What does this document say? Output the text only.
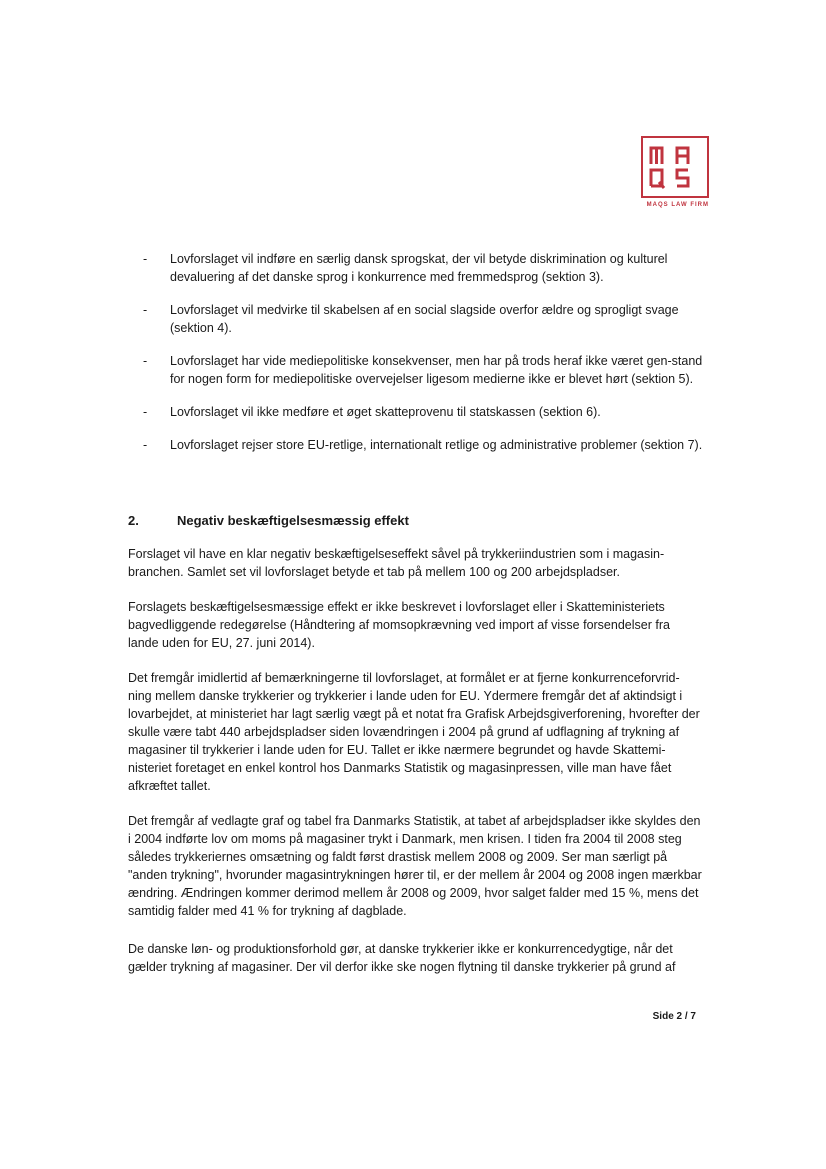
MAQS LAW FIRM
- Lovforslaget vil indføre en særlig dansk sprogskat, der vil betyde diskrimination og kulturel devaluering af det danske sprog i konkurrence med fremmedsprog (sektion 3).
- Lovforslaget vil medvirke til skabelsen af en social slagside overfor ældre og sprogligt svage (sektion 4).
- Lovforslaget har vide mediepolitiske konsekvenser, men har på trods heraf ikke været gen-stand for nogen form for mediepolitiske overvejelser ligesom medierne ikke er blevet hørt (sektion 5).
- Lovforslaget vil ikke medføre et øget skatteprovenu til statskassen (sektion 6).
- Lovforslaget rejser store EU-retlige, internationalt retlige og administrative problemer (sektion 7).
2.	Negativ beskæftigelsesmæssig effekt

Forslaget vil have en klar negativ beskæftigelseseffekt såvel på trykkeriindustrien som i magasin-branchen. Samlet set vil lovforslaget betyde et tab på mellem 100 og 200 arbejdspladser.

Forslagets beskæftigelsesmæssige effekt er ikke beskrevet i lovforslaget eller i Skatteministeriets bagvedliggende redegørelse (Håndtering af momsopkrævning ved import af visse forsendelser fra lande uden for EU, 27. juni 2014).

Det fremgår imidlertid af bemærkningerne til lovforslaget, at formålet er at fjerne konkurrenceforvrid-ning mellem danske trykkerier og trykkerier i lande uden for EU. Ydermere fremgår det af aktindsigt i lovarbejdet, at ministeriet har lagt særlig vægt på et notat fra Grafisk Arbejdsgiverforening, hvorefter der skulle være tabt 440 arbejdspladser siden lovændringen i 2004 på grund af udflagning af trykning af magasiner til trykkerier i lande uden for EU. Tallet er ikke nærmere begrundet og havde Skattemi-nisteriet foretaget en enkel kontrol hos Danmarks Statistik og magasinpressen, ville man have fået afkræftet tallet.

Det fremgår af vedlagte graf og tabel fra Danmarks Statistik, at tabet af arbejdspladser ikke skyldes den i 2004 indførte lov om moms på magasiner trykt i Danmark, men krisen. I tiden fra 2004 til 2008 steg således trykkeriernes omsætning og faldt først drastisk mellem 2008 og 2009. Ser man særligt på "anden trykning", hvorunder magasintrykningen hører til, er der mellem år 2004 og 2008 ingen mærkbar ændring. Ændringen kommer derimod mellem år 2008 og 2009, hvor salget falder med 15 %, mens det samtidig falder med 41 % for trykning af dagblade.

De danske løn- og produktionsforhold gør, at danske trykkerier ikke er konkurrencedygtige, når det gælder trykning af magasiner. Der vil derfor ikke ske nogen flytning til danske trykkerier på grund af

Side 2 / 7
